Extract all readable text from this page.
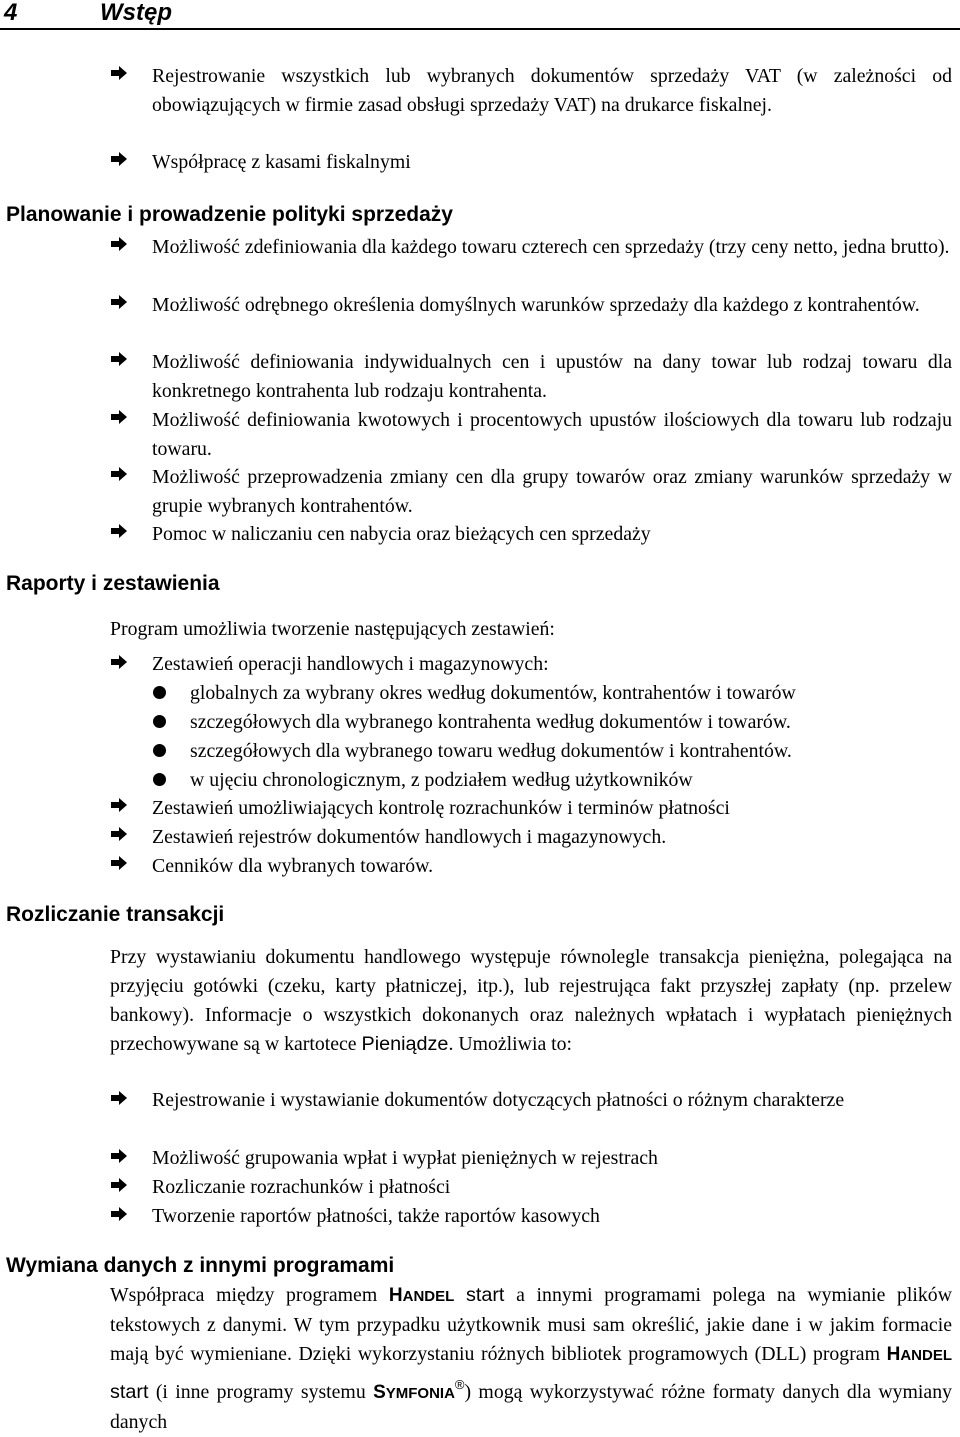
4	Wstęp
Rejestrowanie wszystkich lub wybranych dokumentów sprzedaży VAT (w zależności od obowiązujących w firmie zasad obsługi sprzedaży VAT) na drukarce fiskalnej.
Współpracę z kasami fiskalnymi
Planowanie i prowadzenie polityki sprzedaży
Możliwość zdefiniowania dla każdego towaru czterech cen sprzedaży (trzy ceny netto, jedna brutto).
Możliwość odrębnego określenia domyślnych warunków sprzedaży dla każdego z kontrahentów.
Możliwość definiowania indywidualnych cen i upustów na dany towar lub rodzaj towaru dla konkretnego kontrahenta lub rodzaju kontrahenta.
Możliwość definiowania kwotowych i procentowych upustów ilościowych dla towaru lub rodzaju towaru.
Możliwość przeprowadzenia zmiany cen dla grupy towarów oraz zmiany warunków sprzedaży w grupie wybranych kontrahentów.
Pomoc w naliczaniu cen nabycia oraz bieżących cen sprzedaży
Raporty i zestawienia
Program umożliwia tworzenie następujących zestawień:
Zestawień operacji handlowych i magazynowych:
globalnych za wybrany okres według dokumentów, kontrahentów i towarów
szczegółowych dla wybranego kontrahenta według dokumentów i towarów.
szczegółowych dla wybranego towaru według dokumentów i kontrahentów.
w ujęciu chronologicznym, z podziałem według użytkowników
Zestawień umożliwiających kontrolę rozrachunków i terminów płatności
Zestawień rejestrów dokumentów handlowych i magazynowych.
Cenników dla wybranych towarów.
Rozliczanie transakcji
Przy wystawianiu dokumentu handlowego występuje równolegle transakcja pieniężna, polegająca na przyjęciu gotówki (czeku, karty płatniczej, itp.), lub rejestrująca fakt przyszłej zapłaty (np. przelew bankowy). Informacje o wszystkich dokonanych oraz należnych wpłatach i wypłatach pieniężnych przechowywane są w kartotece Pieniądze. Umożliwia to:
Rejestrowanie i wystawianie dokumentów dotyczących płatności o różnym charakterze
Możliwość grupowania wpłat i wypłat pieniężnych w rejestrach
Rozliczanie rozrachunków i płatności
Tworzenie raportów płatności, także raportów kasowych
Wymiana danych z innymi programami
Współpraca między programem HANDEL start a innymi programami polega na wymianie plików tekstowych z danymi. W tym przypadku użytkownik musi sam określić, jakie dane i w jakim formacie mają być wymieniane. Dzięki wykorzystaniu różnych bibliotek programowych (DLL) program HANDEL start (i inne programy systemu SYMFONIA®) mogą wykorzystywać różne formaty danych dla wymiany danych
